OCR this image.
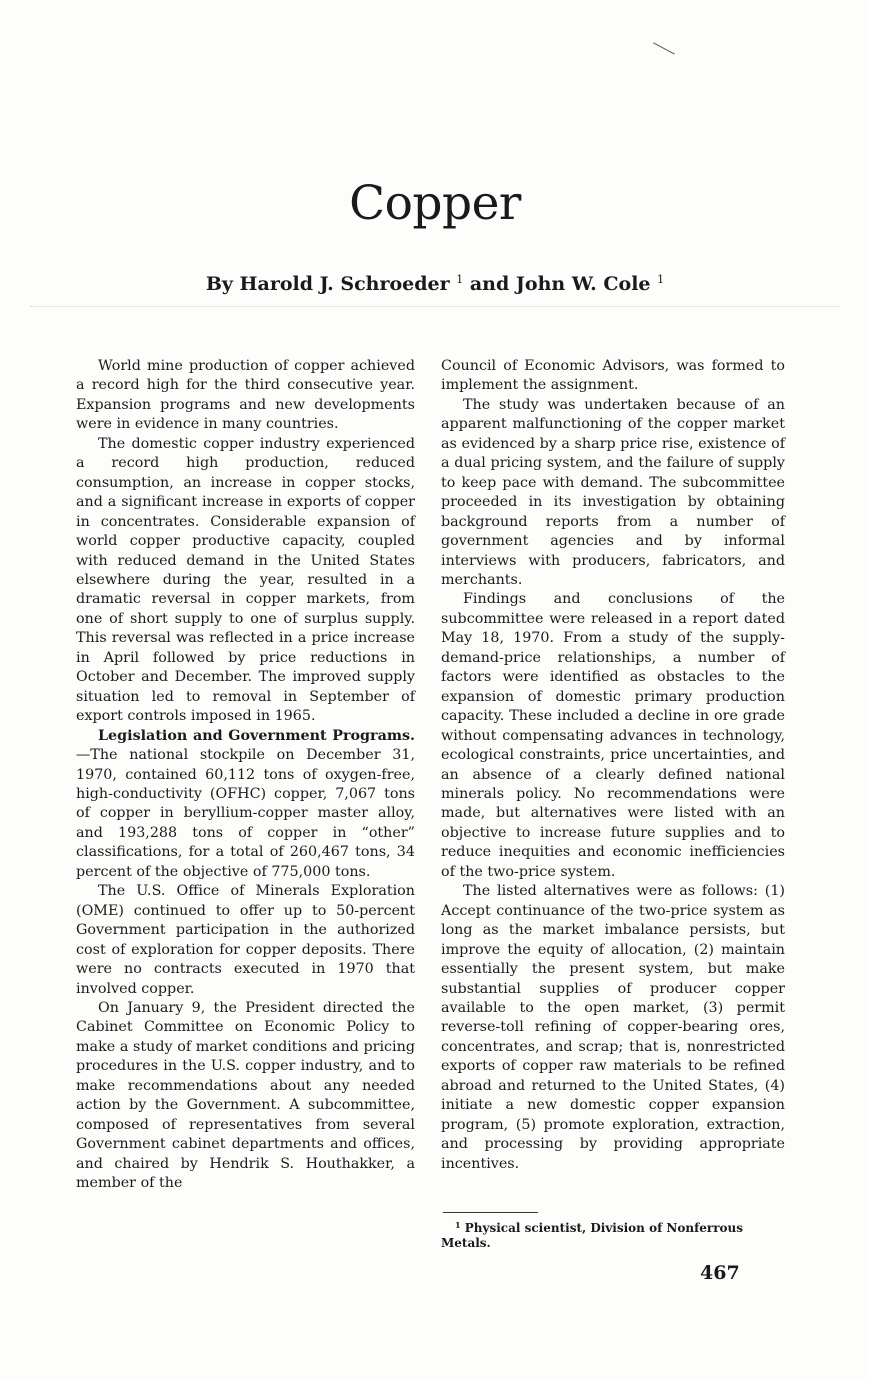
Copper
By Harold J. Schroeder $^1$ and John W. Cole $^1$

World mine production of copper achieved a record high for the third consecutive year. Expansion programs and new developments were in evidence in many countries.

The domestic copper industry experienced a record high production, reduced consumption, an increase in copper stocks, and a significant increase in exports of copper in concentrates. Considerable expansion of world copper productive capacity, coupled with reduced demand in the United States elsewhere during the year, resulted in a dramatic reversal in copper markets, from one of short supply to one of surplus supply. This reversal was reflected in a price increase in April followed by price reductions in October and December. The improved supply situation led to removal in September of export controls imposed in 1965.

Legislation and Government Programs.—The national stockpile on December 31, 1970, contained 60,112 tons of oxygen-free, high-conductivity (OFHC) copper, 7,067 tons of copper in beryllium-copper master alloy, and 193,288 tons of copper in “other” classifications, for a total of 260,467 tons, 34 percent of the objective of 775,000 tons.

The U.S. Office of Minerals Exploration (OME) continued to offer up to 50-percent Government participation in the authorized cost of exploration for copper deposits. There were no contracts executed in 1970 that involved copper.

On January 9, the President directed the Cabinet Committee on Economic Policy to make a study of market conditions and pricing procedures in the U.S. copper industry, and to make recommendations about any needed action by the Government. A subcommittee, composed of representatives from several Government cabinet departments and offices, and chaired by Hendrik S. Houthakker, a member of the

Council of Economic Advisors, was formed to implement the assignment.

The study was undertaken because of an apparent malfunctioning of the copper market as evidenced by a sharp price rise, existence of a dual pricing system, and the failure of supply to keep pace with demand. The subcommittee proceeded in its investigation by obtaining background reports from a number of government agencies and by informal interviews with producers, fabricators, and merchants.

Findings and conclusions of the subcommittee were released in a report dated May 18, 1970. From a study of the supply-demand-price relationships, a number of factors were identified as obstacles to the expansion of domestic primary production capacity. These included a decline in ore grade without compensating advances in technology, ecological constraints, price uncertainties, and an absence of a clearly defined national minerals policy. No recommendations were made, but alternatives were listed with an objective to increase future supplies and to reduce inequities and economic inefficiencies of the two-price system.

The listed alternatives were as follows: (1) Accept continuance of the two-price system as long as the market imbalance persists, but improve the equity of allocation, (2) maintain essentially the present system, but make substantial supplies of producer copper available to the open market, (3) permit reverse-toll refining of copper-bearing ores, concentrates, and scrap; that is, nonrestricted exports of copper raw materials to be refined abroad and returned to the United States, (4) initiate a new domestic copper expansion program, (5) promote exploration, extraction, and processing by providing appropriate incentives.

$^1$ Physical scientist, Division of Nonferrous Metals.
467
